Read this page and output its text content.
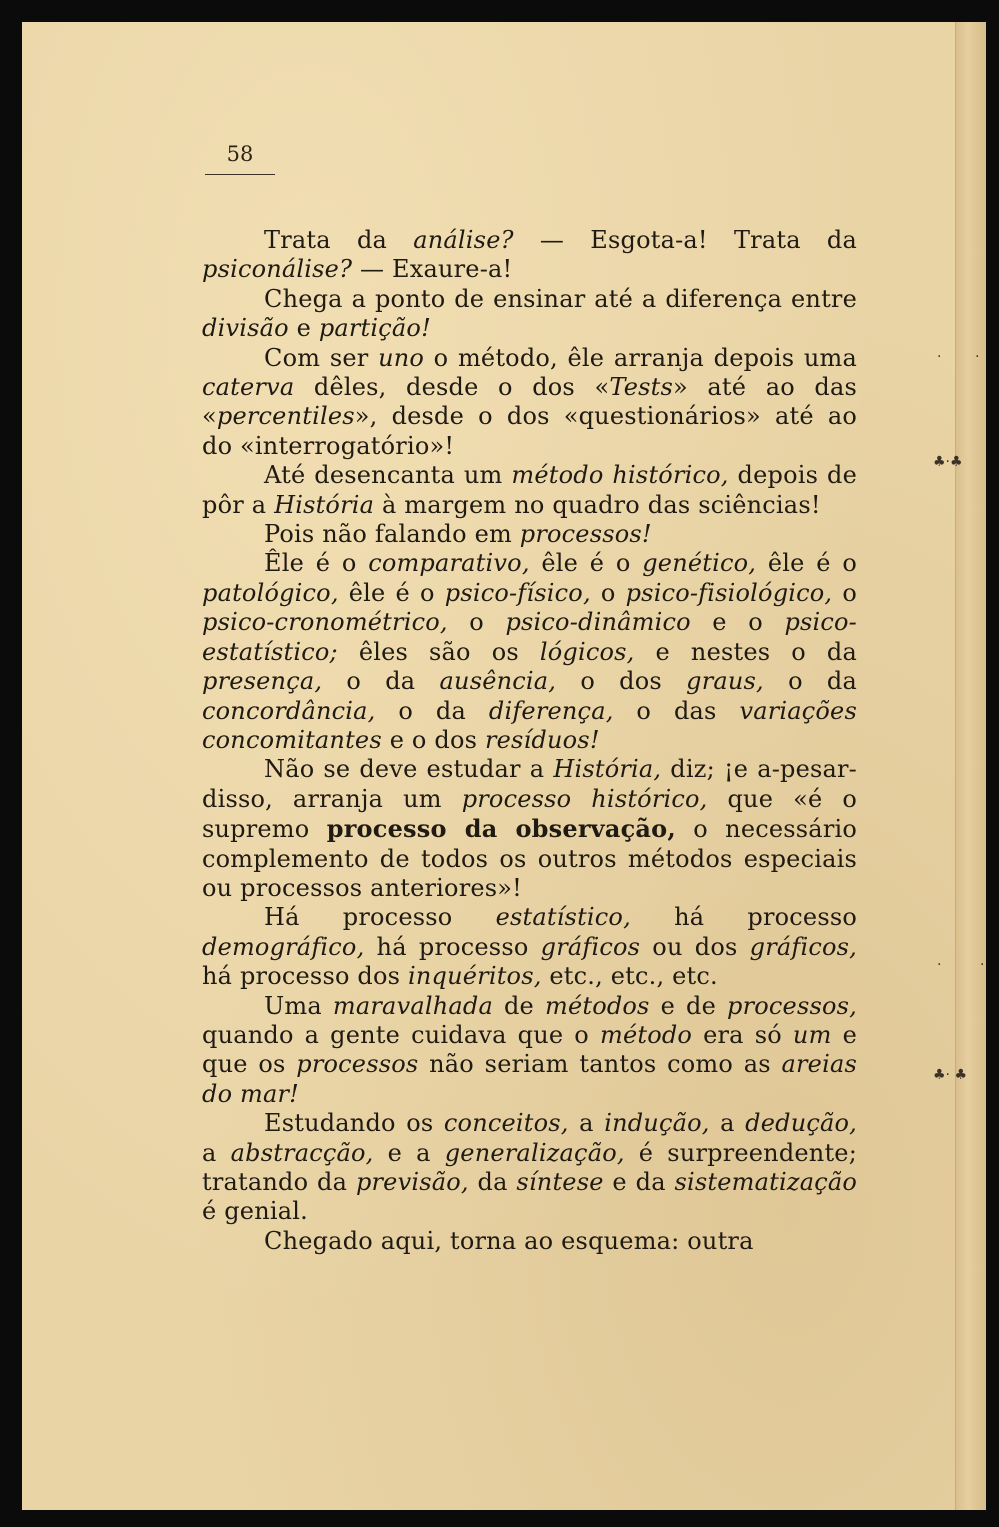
58

Trata da análise? — Esgota-a! Trata da psiconálise? — Exaure-a!

Chega a ponto de ensinar até a diferença entre divisão e partição!

Com ser uno o método, êle arranja depois uma caterva dêles, desde o dos «Tests» até ao das «percentiles», desde o dos «questionários» até ao do «interrogatório»!

Até desencanta um método histórico, depois de pôr a História à margem no quadro das sciências!

Pois não falando em processos!

Êle é o comparativo, êle é o genético, êle é o patológico, êle é o psico-físico, o psico-fisiológico, o psico-cronométrico, o psico-dinâmico e o psico-estatístico; êles são os lógicos, e nestes o da presença, o da ausência, o dos graus, o da concordância, o da diferença, o das variações concomitantes e o dos resíduos!

Não se deve estudar a História, diz; ¡e a-pesar-disso, arranja um processo histórico, que «é o supremo processo da observação, o necessário complemento de todos os outros métodos especiais ou processos anteriores»!

Há processo estatístico, há processo demográfico, há processo gráficos ou dos gráficos, há processo dos inquéritos, etc., etc., etc.

Uma maravalhada de métodos e de processos, quando a gente cuidava que o método era só um e que os processos não seriam tantos como as areias do mar!

Estudando os conceitos, a indução, a dedução, a abstracção, e a generalização, é surpreendente; tratando da previsão, da síntese e da sistematização é genial.

Chegado aqui, torna ao esquema: outra

· ·
♣·♣
·	·
♣· ♣
